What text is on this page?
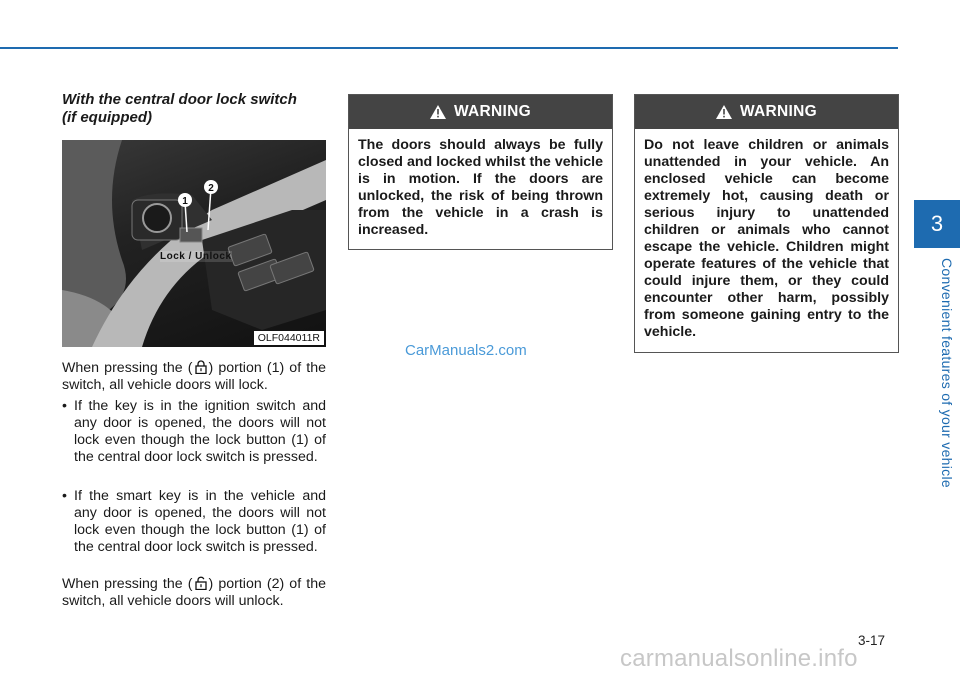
3
Convenient features of your vehicle
With the central door lock switch (if equipped)
1
2
Lock / Unlock
OLF044011R

When pressing the ( ) portion (1) of the switch, all vehicle doors will lock.

• If the key is in the ignition switch and any door is opened, the doors will not lock even though the lock button (1) of the central door lock switch is pressed.
• If the smart key is in the vehicle and any door is opened, the doors will not lock even though the lock button (1) of the central door lock switch is pressed.

When pressing the ( ) portion (2) of the switch, all vehicle doors will unlock.

WARNING
The doors should always be fully closed and locked whilst the vehicle is in motion. If the doors are unlocked, the risk of being thrown from the vehicle in a crash is increased.
WARNING
Do not leave children or animals unattended in your vehicle. An enclosed vehicle can become extremely hot, causing death or serious injury to unattended children or animals who cannot escape the vehicle. Children might operate features of the vehicle that could injure them, or they could encounter other harm, possibly from someone gaining entry to the vehicle.
CarManuals2.com
3-17
carmanualsonline.info
